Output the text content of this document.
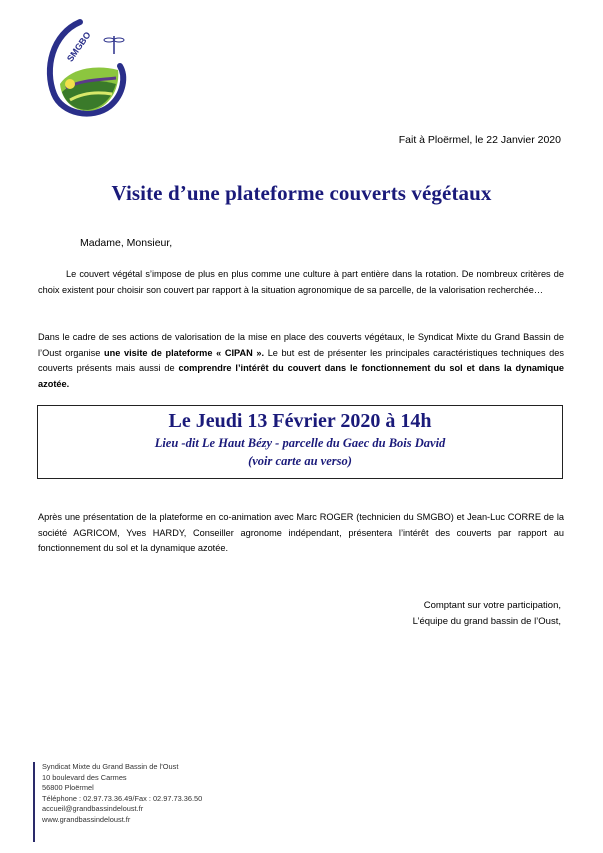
SMGBO
Fait à Ploërmel, le 22 Janvier 2020
Visite d’une plateforme couverts végétaux
Madame, Monsieur,

Le couvert végétal s’impose de plus en plus comme une culture à part entière dans la rotation. De nombreux critères de choix existent pour choisir son couvert par rapport à la situation agronomique de sa parcelle, de la valorisation recherchée…

Dans le cadre de ses actions de valorisation de la mise en place des couverts végétaux, le Syndicat Mixte du Grand Bassin de l’Oust organise une visite de plateforme « CIPAN ». Le but est de présenter les principales caractéristiques techniques des couverts présents mais aussi de comprendre l’intérêt du couvert dans le fonctionnement du sol et dans la dynamique azotée.

Le Jeudi 13 Février 2020 à 14h
Lieu -dit Le Haut Bézy - parcelle du Gaec du Bois David
(voir carte au verso)

Après une présentation de la plateforme en co-animation avec Marc ROGER (technicien du SMGBO) et Jean-Luc CORRE de la société AGRICOM, Yves HARDY, Conseiller agronome indépendant, présentera l’intérêt des couverts par rapport au fonctionnement du sol et la dynamique azotée.

Comptant sur votre participation,
L’équipe du grand bassin de l’Oust,
Syndicat Mixte du Grand Bassin de l’Oust
10 boulevard des Carmes
56800 Ploërmel
Téléphone : 02.97.73.36.49/Fax : 02.97.73.36.50
accueil@grandbassindeloust.fr
www.grandbassindeloust.fr
